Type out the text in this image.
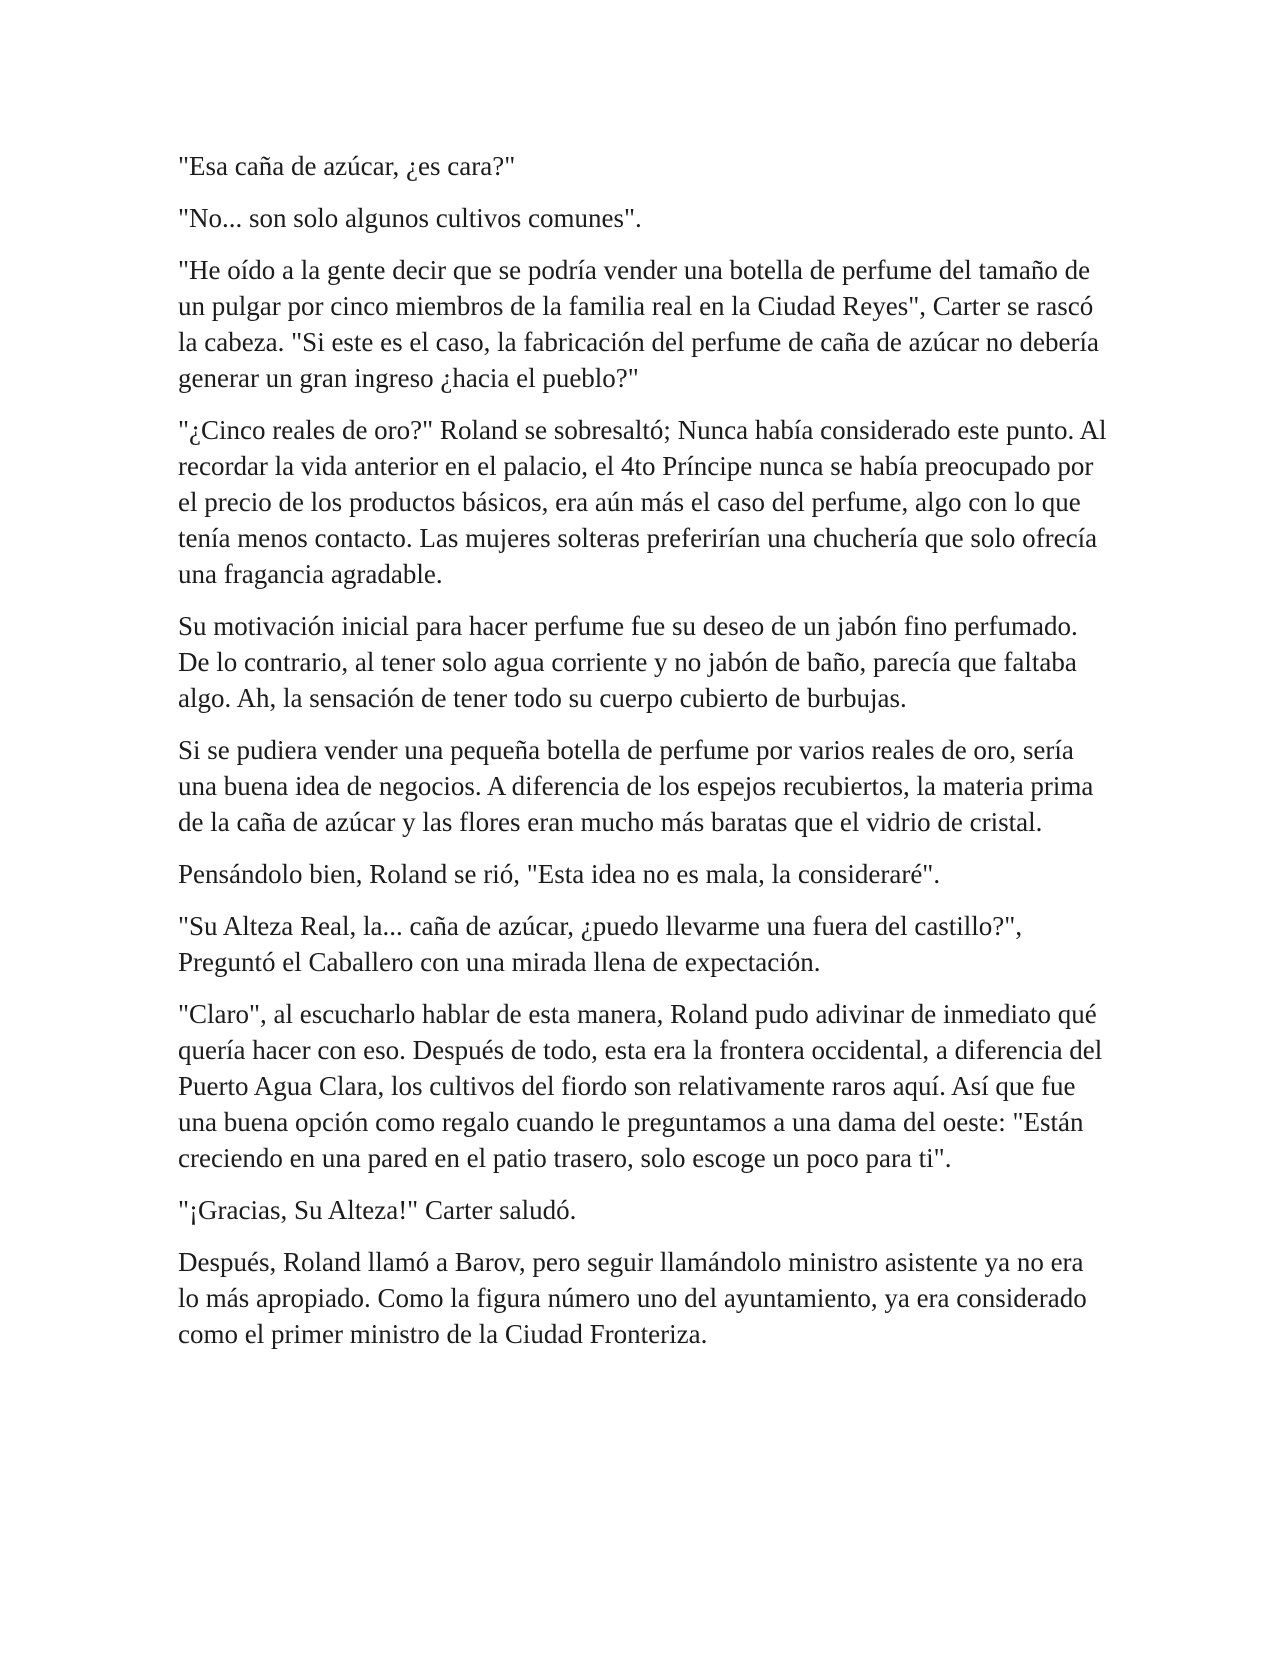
"Esa caña de azúcar, ¿es cara?"

"No... son solo algunos cultivos comunes".

"He oído a la gente decir que se podría vender una botella de perfume del tamaño de un pulgar por cinco miembros de la familia real en la Ciudad Reyes", Carter se rascó la cabeza. "Si este es el caso, la fabricación del perfume de caña de azúcar no debería generar un gran ingreso ¿hacia el pueblo?"

"¿Cinco reales de oro?" Roland se sobresaltó; Nunca había considerado este punto. Al recordar la vida anterior en el palacio, el 4to Príncipe nunca se había preocupado por el precio de los productos básicos, era aún más el caso del perfume, algo con lo que tenía menos contacto. Las mujeres solteras preferirían una chuchería que solo ofrecía una fragancia agradable.

Su motivación inicial para hacer perfume fue su deseo de un jabón fino perfumado. De lo contrario, al tener solo agua corriente y no jabón de baño, parecía que faltaba algo. Ah, la sensación de tener todo su cuerpo cubierto de burbujas.

Si se pudiera vender una pequeña botella de perfume por varios reales de oro, sería una buena idea de negocios. A diferencia de los espejos recubiertos, la materia prima de la caña de azúcar y las flores eran mucho más baratas que el vidrio de cristal.

Pensándolo bien, Roland se rió, "Esta idea no es mala, la consideraré".

"Su Alteza Real, la... caña de azúcar, ¿puedo llevarme una fuera del castillo?", Preguntó el Caballero con una mirada llena de expectación.

"Claro", al escucharlo hablar de esta manera, Roland pudo adivinar de inmediato qué quería hacer con eso. Después de todo, esta era la frontera occidental, a diferencia del Puerto Agua Clara, los cultivos del fiordo son relativamente raros aquí. Así que fue una buena opción como regalo cuando le preguntamos a una dama del oeste: "Están creciendo en una pared en el patio trasero, solo escoge un poco para ti".

"¡Gracias, Su Alteza!" Carter saludó.

Después, Roland llamó a Barov, pero seguir llamándolo ministro asistente ya no era lo más apropiado. Como la figura número uno del ayuntamiento, ya era considerado como el primer ministro de la Ciudad Fronteriza.
